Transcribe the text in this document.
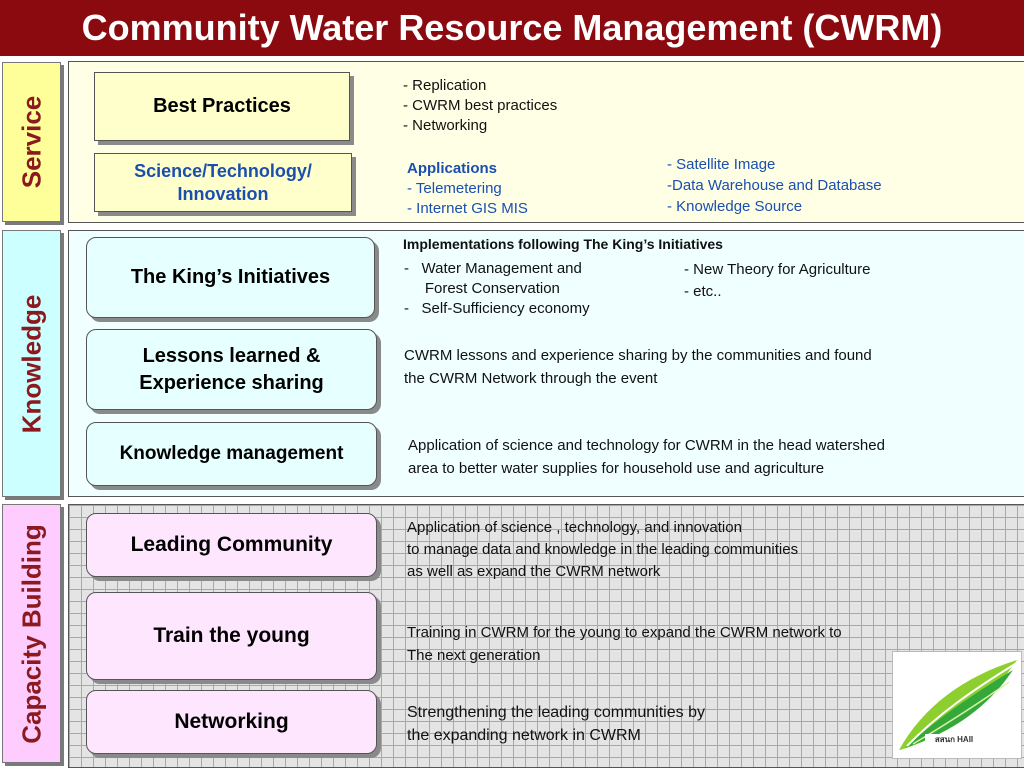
Community Water Resource Management (CWRM)
Service	Best Practices
- Replication
- CWRM best practices
- Networking
Science/Technology/ Innovation
Applications
- Telemetering
- Internet GIS MIS
- Satellite Image
-Data Warehouse and Database
- Knowledge Source
Knowledge
The King’s Initiatives
Implementations following The King’s Initiatives
-   Water Management and
Forest Conservation
-   Self-Sufficiency economy
- New Theory for Agriculture
- etc..
Lessons learned & Experience sharing
CWRM lessons and experience sharing by the communities and found
the CWRM Network through the event
Knowledge management	Application of science and technology for CWRM in the head watershed
area to better water supplies for household use and agriculture
Capacity Building	Leading Community
Application of science , technology, and innovation
to manage data and knowledge in the leading communities
as well as expand the CWRM network
Train the young	Training in CWRM for the young to expand the CWRM network to
The next generation
Networking	Strengthening the leading communities by
the expanding network in CWRM	สสนก HAII
